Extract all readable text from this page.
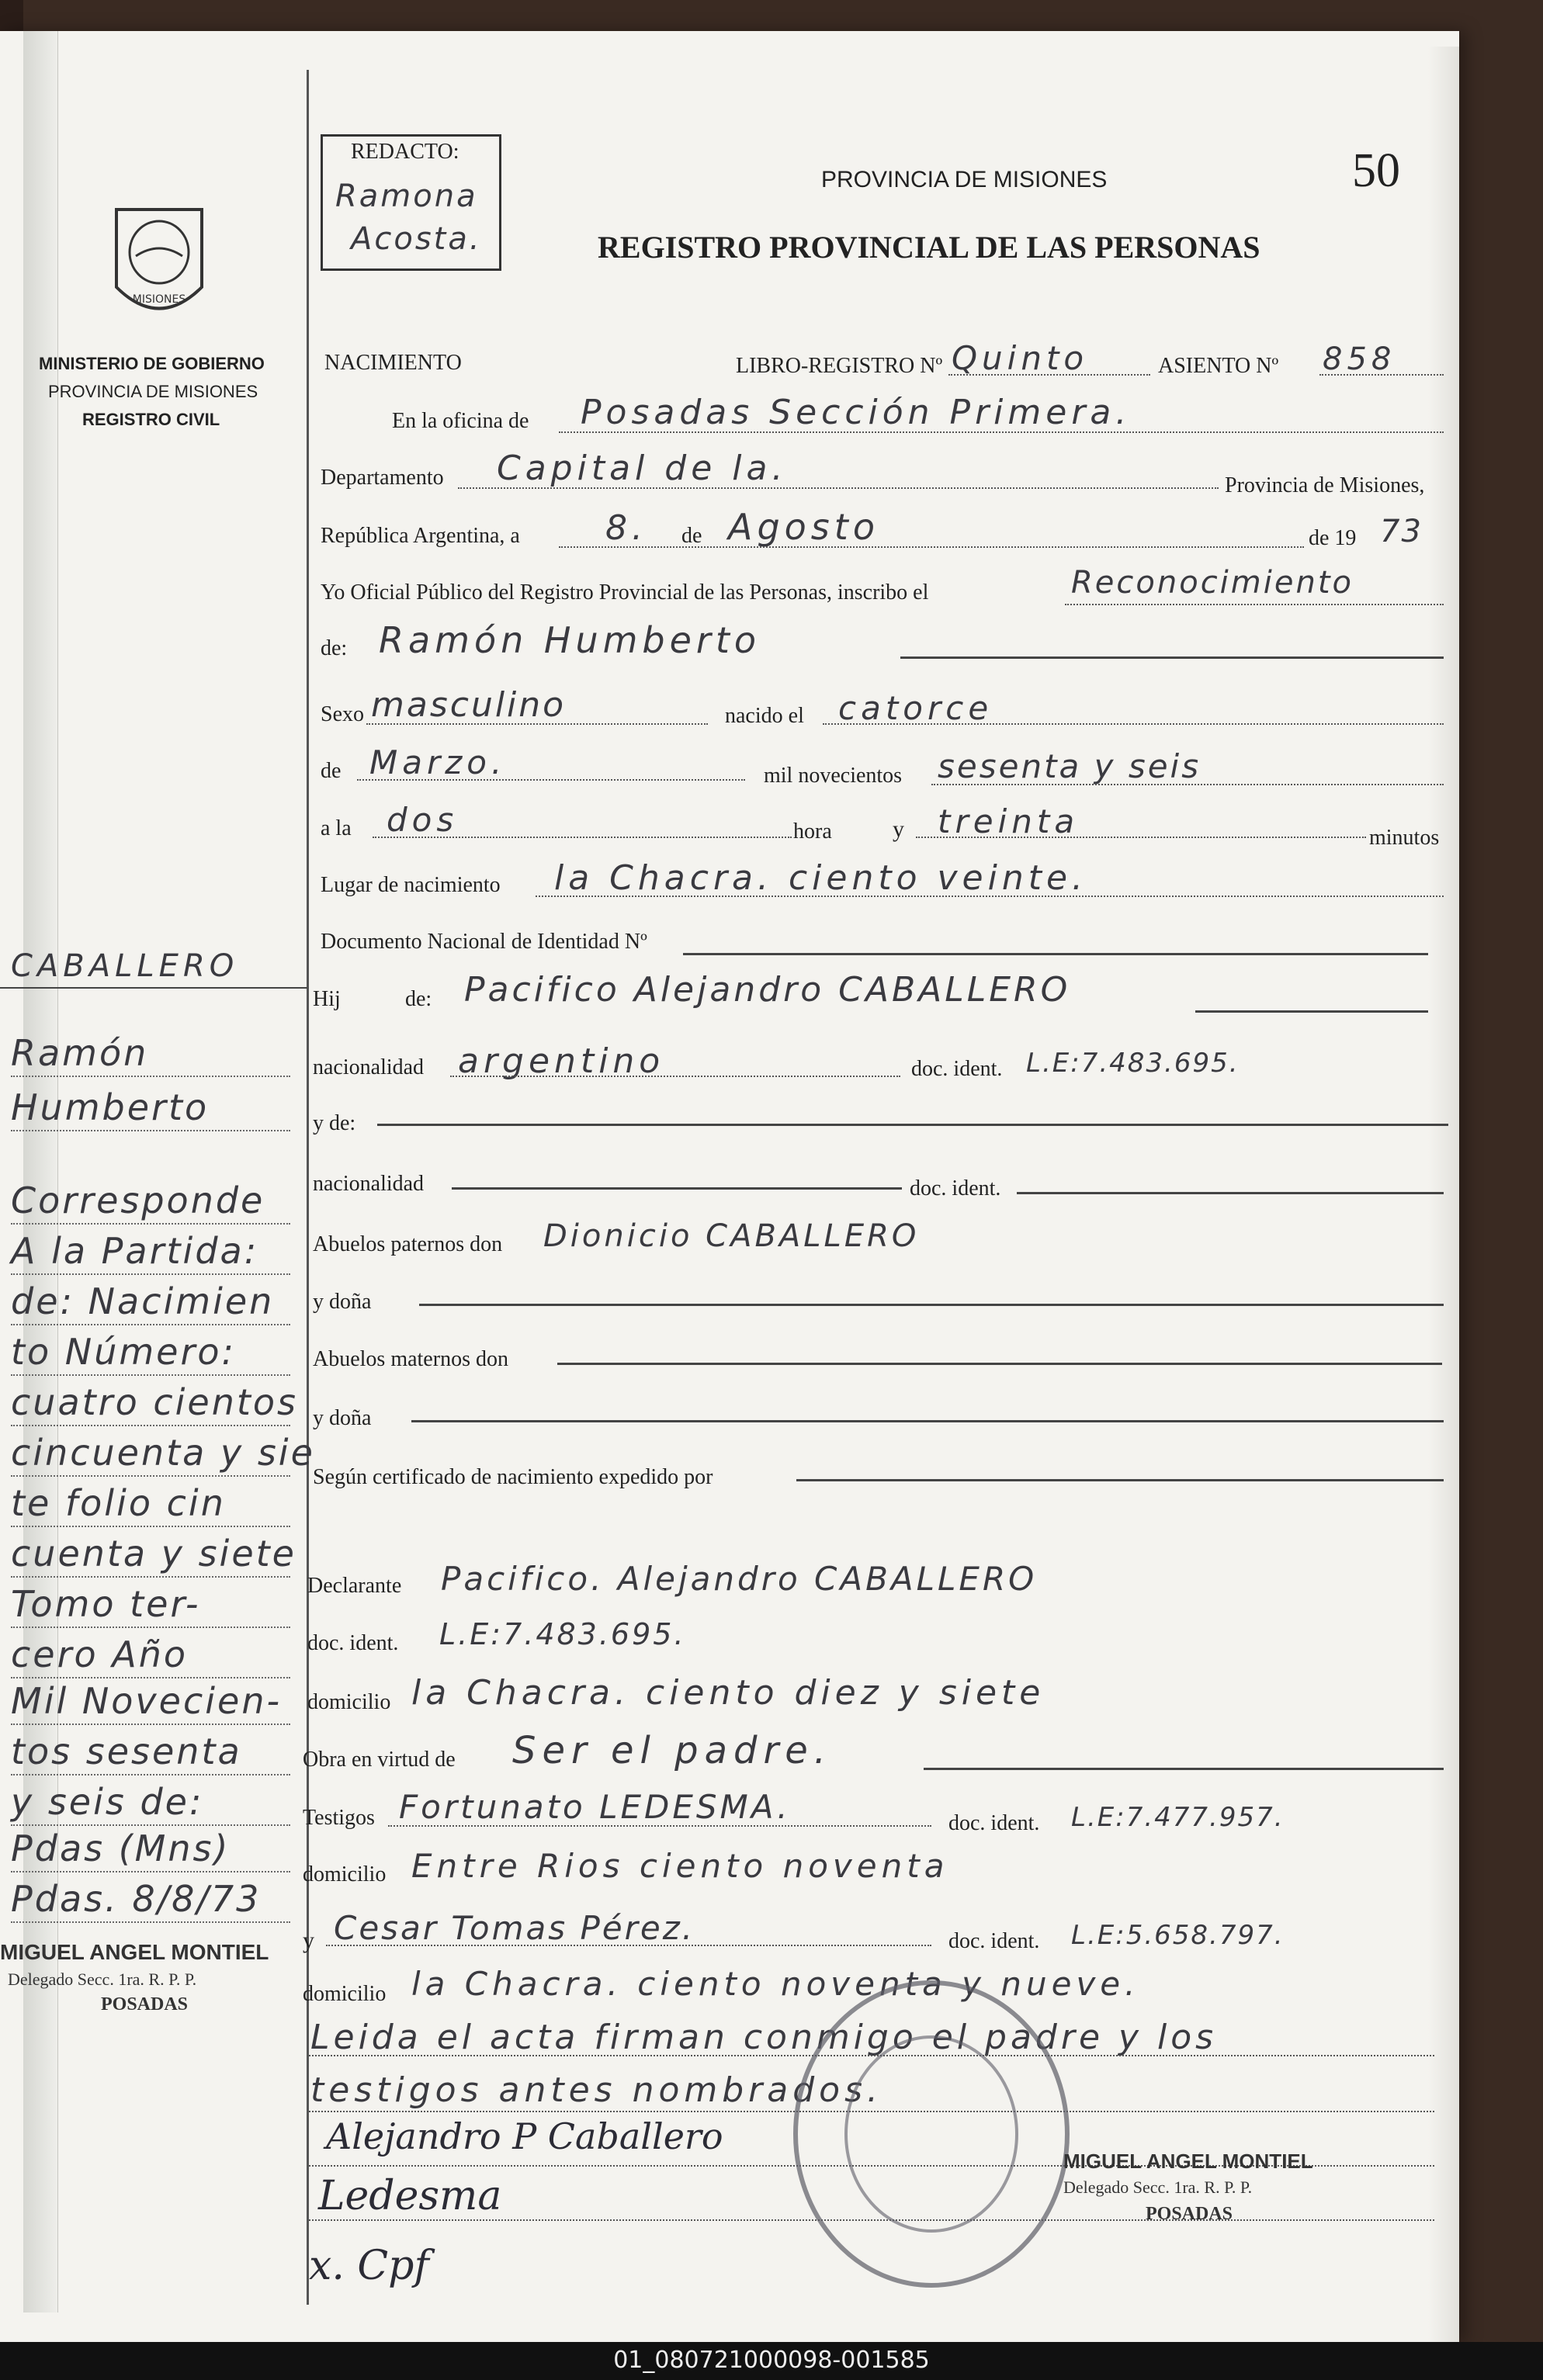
MISIONES
MINISTERIO DE GOBIERNO
PROVINCIA DE MISIONES
REGISTRO CIVIL
REDACTO:
Ramona
Acosta.
PROVINCIA DE MISIONES
REGISTRO PROVINCIAL DE LAS PERSONAS
50
NACIMIENTO	LIBRO-REGISTRO Nº Quinto	ASIENTO Nº 858
En la oficina de Posadas Sección Primera.
Departamento Capital de la.	Provincia de Misiones,
República Argentina, a	8. de Agosto	de 19 73
Yo Oficial Público del Registro Provincial de las Personas, inscribo el	Reconocimiento
de: Ramón Humberto
Sexo masculino	nacido el catorce
de Marzo.	mil novecientos sesenta y seis
a la dos	hora	y treinta	minutos
Lugar de nacimiento la Chacra. ciento veinte.
Documento Nacional de Identidad Nº
Hij	de: Pacifico Alejandro CABALLERO
nacionalidad argentino	doc. ident. L.E:7.483.695.
y de:
nacionalidad	doc. ident.
Abuelos paternos don Dionicio CABALLERO
y doña
Abuelos maternos don
y doña
Según certificado de nacimiento expedido por
Declarante Pacifico. Alejandro CABALLERO
doc. ident. L.E:7.483.695.
domicilio la Chacra. ciento diez y siete
Obra en virtud de Ser el padre.
Testigos Fortunato LEDESMA.	doc. ident. L.E:7.477.957.
domicilio Entre Rios ciento noventa
y Cesar Tomas Pérez.	doc. ident. L.E:5.658.797.
domicilio la Chacra. ciento noventa y nueve.
Leida el acta firman conmigo el padre y los
testigos antes nombrados.
Alejandro P Caballero
Ledesma
x. Cpf
MIGUEL ANGEL MONTIEL
Delegado Secc. 1ra. R. P. P.
POSADAS
CABALLERO
Ramón
Humberto
Corresponde
A la Partida:
de: Nacimien
to Número:
cuatro cientos
cincuenta y sie
te folio cin
cuenta y siete
Tomo ter-
cero Año
Mil Novecien-
tos sesenta
y seis de:
Pdas (Mns)
Pdas. 8/8/73
MIGUEL ANGEL MONTIEL
Delegado Secc. 1ra. R. P. P.
POSADAS
01_080721000098-001585
